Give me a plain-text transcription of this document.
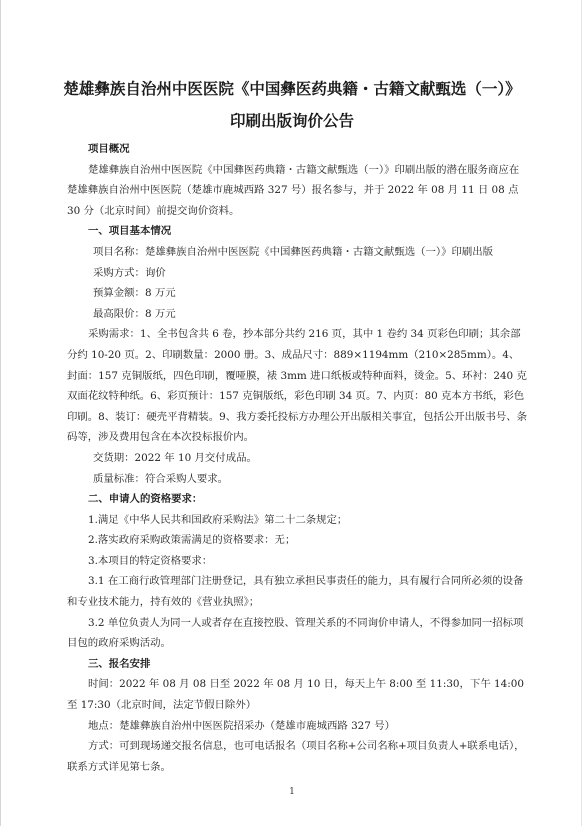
楚雄彝族自治州中医医院《中国彝医药典籍・古籍文献甄选（一）》
印刷出版询价公告

项目概况

楚雄彝族自治州中医医院《中国彝医药典籍・古籍文献甄选（一）》印刷出版的潜在服务商应在楚雄彝族自治州中医医院（楚雄市鹿城西路 327 号）报名参与，并于 2022 年 08 月 11 日 08 点 30 分（北京时间）前提交询价资料。

一、项目基本情况

项目名称：楚雄彝族自治州中医医院《中国彝医药典籍・古籍文献甄选（一）》印刷出版

采购方式：询价

预算金额：8 万元

最高限价：8 万元

采购需求：1、全书包含共 6 卷，抄本部分共约 216 页，其中 1 卷约 34 页彩色印刷；其余部分约 10-20 页。2、印刷数量：2000 册。3、成品尺寸：889×1194mm（210×285mm）。4、封面：157 克铜版纸，四色印刷，覆哑膜，裱 3mm 进口纸板或特种面料，烫金。5、环衬：240 克双面花纹特种纸。6、彩页预计：157 克铜版纸，彩色印刷 34 页。7、内页：80 克本方书纸，彩色印刷。8、装订：硬壳平背精装。9、我方委托投标方办理公开出版相关事宜，包括公开出版书号、条码等，涉及费用包含在本次投标报价内。

交货期：2022 年 10 月交付成品。

质量标准：符合采购人要求。

二、申请人的资格要求：

1.满足《中华人民共和国政府采购法》第二十二条规定；

2.落实政府采购政策需满足的资格要求：无；

3.本项目的特定资格要求：

3.1 在工商行政管理部门注册登记，具有独立承担民事责任的能力，具有履行合同所必须的设备和专业技术能力，持有效的《营业执照》；

3.2 单位负责人为同一人或者存在直接控股、管理关系的不同询价申请人，不得参加同一招标项目包的政府采购活动。

三、报名安排

时间：2022 年 08 月 08 日至 2022 年 08 月 10 日，每天上午 8:00 至 11:30，下午 14:00 至 17:30（北京时间，法定节假日除外）

地点：楚雄彝族自治州中医医院招采办（楚雄市鹿城西路 327 号）

方式：可到现场递交报名信息，也可电话报名（项目名称+公司名称+项目负责人+联系电话），联系方式详见第七条。

1
